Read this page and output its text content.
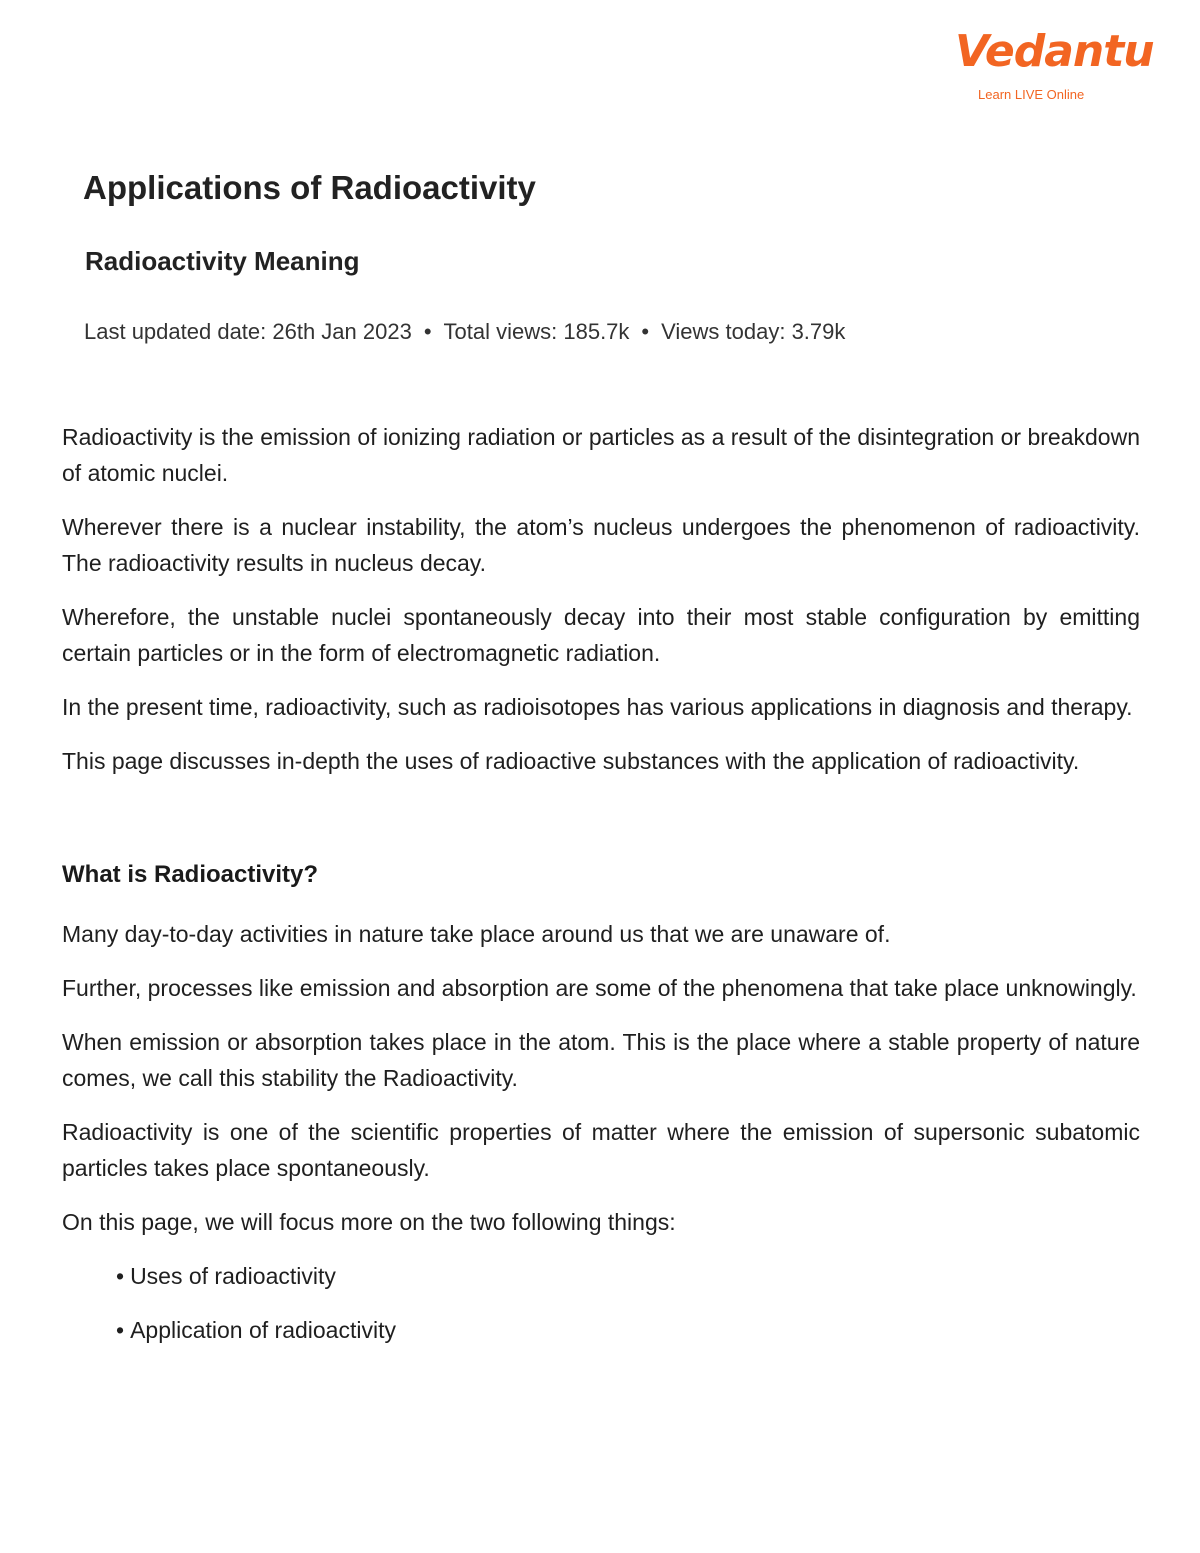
Vedantu
Learn LIVE Online
Applications of Radioactivity
Radioactivity Meaning
Last updated date: 26th Jan 2023 • Total views: 185.7k • Views today: 3.79k

Radioactivity is the emission of ionizing radiation or particles as a result of the disintegration or breakdown of atomic nuclei.

Wherever there is a nuclear instability, the atom’s nucleus undergoes the phenomenon of radioactivity. The radioactivity results in nucleus decay.

Wherefore, the unstable nuclei spontaneously decay into their most stable configuration by emitting certain particles or in the form of electromagnetic radiation.

In the present time, radioactivity, such as radioisotopes has various applications in diagnosis and therapy.

This page discusses in-depth the uses of radioactive substances with the application of radioactivity.

What is Radioactivity?

Many day-to-day activities in nature take place around us that we are unaware of.

Further, processes like emission and absorption are some of the phenomena that take place unknowingly.

When emission or absorption takes place in the atom. This is the place where a stable property of nature comes, we call this stability the Radioactivity.

Radioactivity is one of the scientific properties of matter where the emission of supersonic subatomic particles takes place spontaneously.

On this page, we will focus more on the two following things:

• Uses of radioactivity
• Application of radioactivity
